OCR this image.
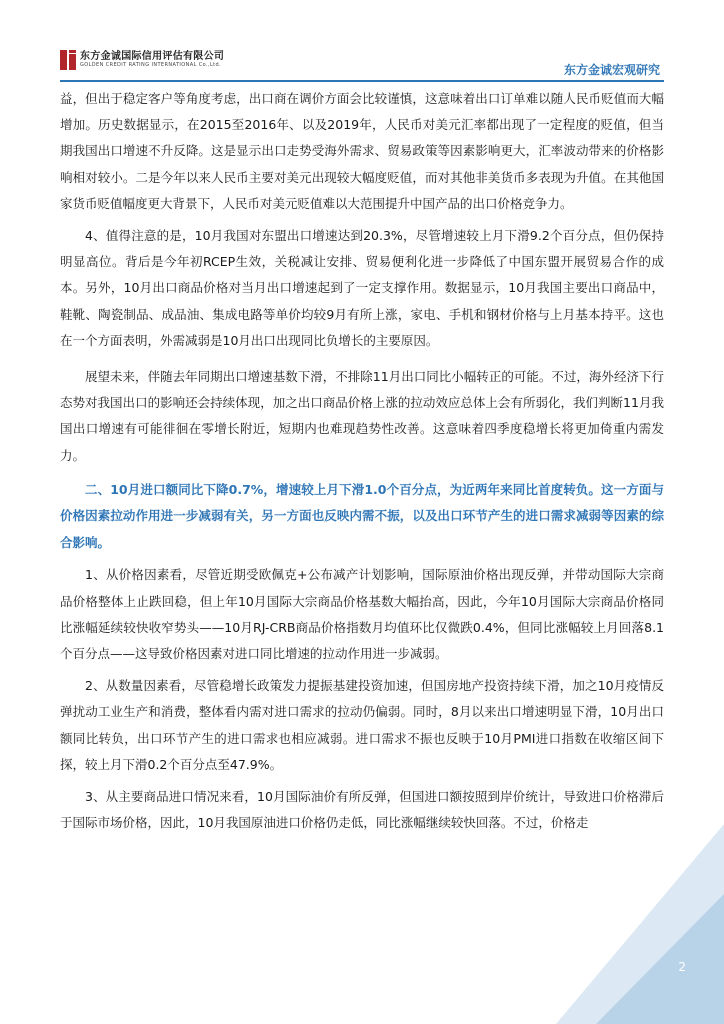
东方金诚国际信用评估有限公司
GOLDEN CREDIT RATING INTERNATIONAL Co.,Ltd.	东方金诚宏观研究

益，但出于稳定客户等角度考虑，出口商在调价方面会比较谨慎，这意味着出口订单难以随人民币贬值而大幅增加。历史数据显示，在2015至2016年、以及2019年，人民币对美元汇率都出现了一定程度的贬值，但当期我国出口增速不升反降。这是显示出口走势受海外需求、贸易政策等因素影响更大，汇率波动带来的价格影响相对较小。二是今年以来人民币主要对美元出现较大幅度贬值，而对其他非美货币多表现为升值。在其他国家货币贬值幅度更大背景下，人民币对美元贬值难以大范围提升中国产品的出口价格竞争力。

4、值得注意的是，10月我国对东盟出口增速达到20.3%，尽管增速较上月下滑9.2个百分点，但仍保持明显高位。背后是今年初RCEP生效，关税减让安排、贸易便利化进一步降低了中国东盟开展贸易合作的成本。另外，10月出口商品价格对当月出口增速起到了一定支撑作用。数据显示，10月我国主要出口商品中，鞋靴、陶瓷制品、成品油、集成电路等单价均较9月有所上涨，家电、手机和钢材价格与上月基本持平。这也在一个方面表明，外需减弱是10月出口出现同比负增长的主要原因。

展望未来，伴随去年同期出口增速基数下滑，不排除11月出口同比小幅转正的可能。不过，海外经济下行态势对我国出口的影响还会持续体现，加之出口商品价格上涨的拉动效应总体上会有所弱化，我们判断11月我国出口增速有可能徘徊在零增长附近，短期内也难现趋势性改善。这意味着四季度稳增长将更加倚重内需发力。

二、10月进口额同比下降0.7%，增速较上月下滑1.0个百分点，为近两年来同比首度转负。这一方面与价格因素拉动作用进一步减弱有关，另一方面也反映内需不振，以及出口环节产生的进口需求减弱等因素的综合影响。

1、从价格因素看，尽管近期受欧佩克+公布减产计划影响，国际原油价格出现反弹，并带动国际大宗商品价格整体上止跌回稳，但上年10月国际大宗商品价格基数大幅抬高，因此，今年10月国际大宗商品价格同比涨幅延续较快收窄势头——10月RJ-CRB商品价格指数月均值环比仅微跌0.4%，但同比涨幅较上月回落8.1个百分点——这导致价格因素对进口同比增速的拉动作用进一步减弱。

2、从数量因素看，尽管稳增长政策发力提振基建投资加速，但国房地产投资持续下滑，加之10月疫情反弹扰动工业生产和消费，整体看内需对进口需求的拉动仍偏弱。同时，8月以来出口增速明显下滑，10月出口额同比转负，出口环节产生的进口需求也相应减弱。进口需求不振也反映于10月PMI进口指数在收缩区间下探，较上月下滑0.2个百分点至47.9%。

3、从主要商品进口情况来看，10月国际油价有所反弹，但国进口额按照到岸价统计，导致进口价格滞后于国际市场价格，因此，10月我国原油进口价格仍走低，同比涨幅继续较快回落。不过，价格走

2
